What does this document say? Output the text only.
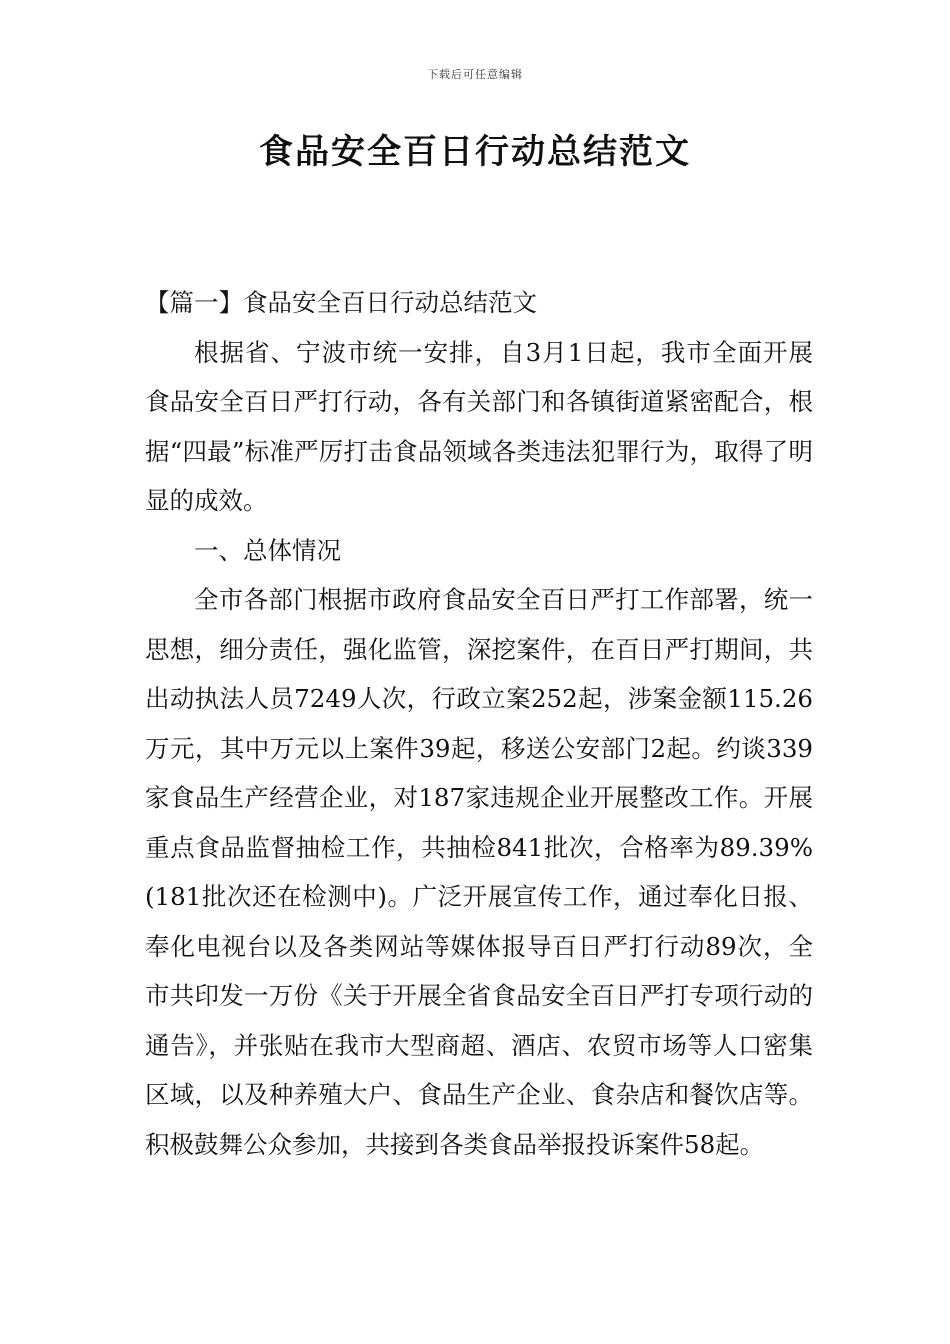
下载后可任意编辑
食品安全百日行动总结范文

【篇一】食品安全百日行动总结范文

根据省、宁波市统一安排，自3月1日起，我市全面开展食品安全百日严打行动，各有关部门和各镇街道紧密配合，根据“四最”标准严厉打击食品领域各类违法犯罪行为，取得了明显的成效。

一、总体情况

全市各部门根据市政府食品安全百日严打工作部署，统一思想，细分责任，强化监管，深挖案件，在百日严打期间，共出动执法人员7249人次，行政立案252起，涉案金额115.26万元，其中万元以上案件39起，移送公安部门2起。约谈339家食品生产经营企业，对187家违规企业开展整改工作。开展重点食品监督抽检工作，共抽检841批次，合格率为89.39%(181批次还在检测中)。广泛开展宣传工作，通过奉化日报、奉化电视台以及各类网站等媒体报导百日严打行动89次，全市共印发一万份《关于开展全省食品安全百日严打专项行动的通告》，并张贴在我市大型商超、酒店、农贸市场等人口密集区域，以及种养殖大户、食品生产企业、食杂店和餐饮店等。积极鼓舞公众参加，共接到各类食品举报投诉案件58起。
